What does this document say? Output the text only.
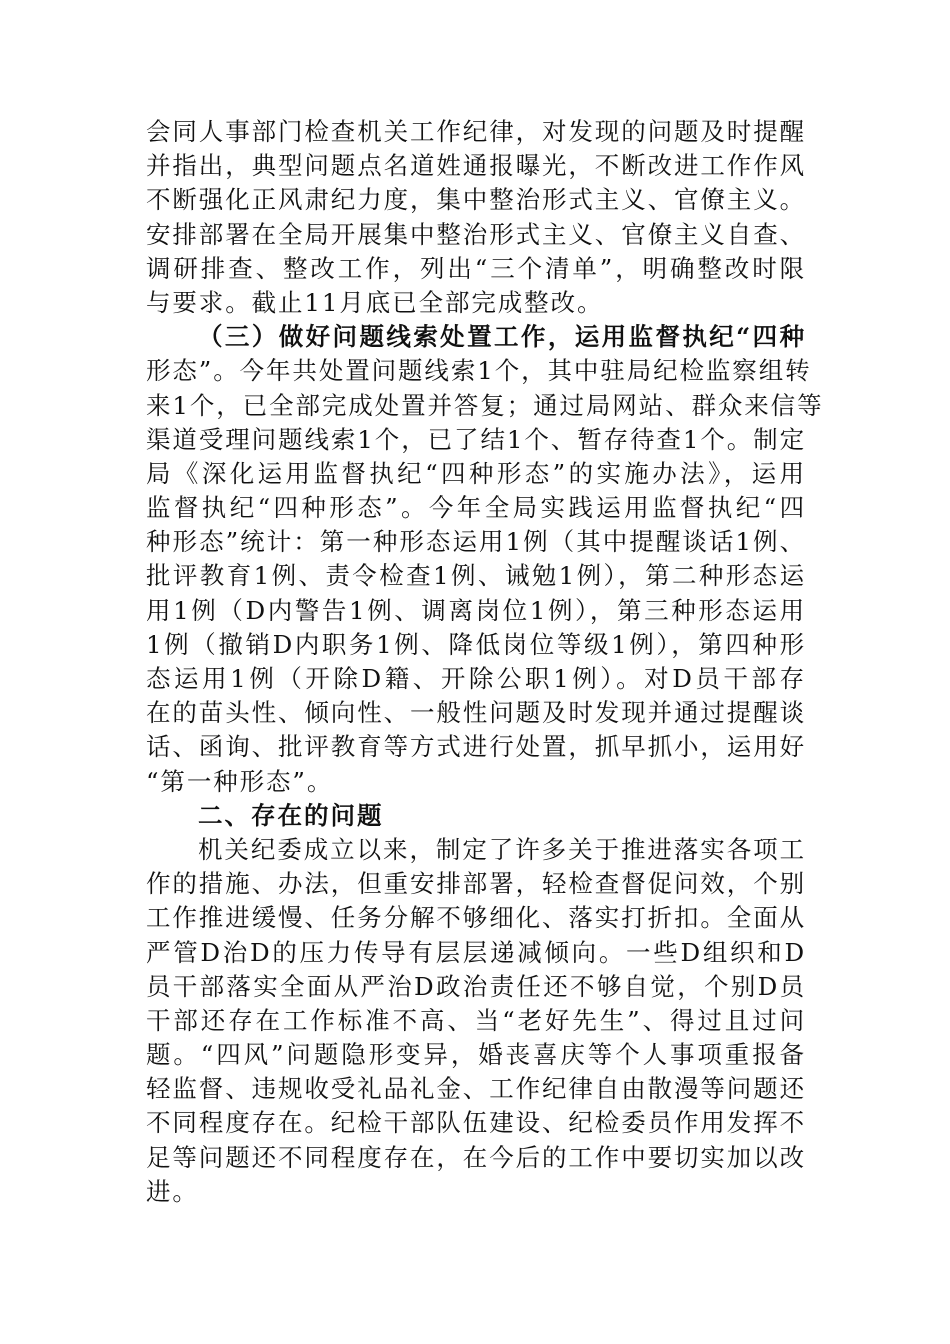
会同人事部门检查机关工作纪律，对发现的问题及时提醒
并指出，典型问题点名道姓通报曝光，不断改进工作作风
不断强化正风肃纪力度，集中整治形式主义、官僚主义。
安排部署在全局开展集中整治形式主义、官僚主义自查、
调研排查、整改工作，列出“三个清单”，明确整改时限
与要求。截止11月底已全部完成整改。
（三）做好问题线索处置工作，运用监督执纪“四种
形态”。今年共处置问题线索1个，其中驻局纪检监察组转
来1个，已全部完成处置并答复；通过局网站、群众来信等
渠道受理问题线索1个，已了结1个、暂存待查1个。制定
局《深化运用监督执纪“四种形态”的实施办法》，运用
监督执纪“四种形态”。今年全局实践运用监督执纪“四
种形态”统计：第一种形态运用1例（其中提醒谈话1例、
批评教育1例、责令检查1例、诫勉1例），第二种形态运
用1例（D内警告1例、调离岗位1例），第三种形态运用
1例（撤销D内职务1例、降低岗位等级1例），第四种形
态运用1例（开除D籍、开除公职1例）。对D员干部存
在的苗头性、倾向性、一般性问题及时发现并通过提醒谈
话、函询、批评教育等方式进行处置，抓早抓小，运用好
“第一种形态”。
二、存在的问题
机关纪委成立以来，制定了许多关于推进落实各项工
作的措施、办法，但重安排部署，轻检查督促问效，个别
工作推进缓慢、任务分解不够细化、落实打折扣。全面从
严管D治D的压力传导有层层递减倾向。一些D组织和D
员干部落实全面从严治D政治责任还不够自觉，个别D员
干部还存在工作标准不高、当“老好先生”、得过且过问
题。“四风”问题隐形变异，婚丧喜庆等个人事项重报备
轻监督、违规收受礼品礼金、工作纪律自由散漫等问题还
不同程度存在。纪检干部队伍建设、纪检委员作用发挥不
足等问题还不同程度存在，在今后的工作中要切实加以改
进。
